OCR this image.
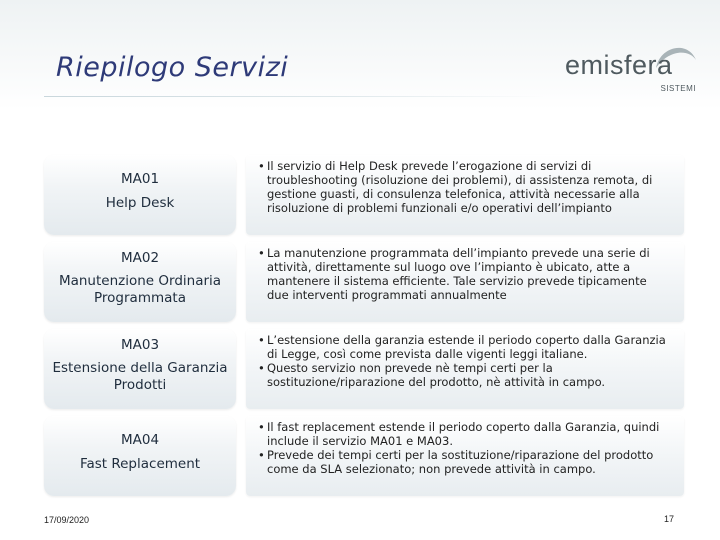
Riepilogo Servizi	emisfera
SISTEMI
MA01
Help Desk
• Il servizio di Help Desk prevede l’erogazione di servizi di troubleshooting (risoluzione dei problemi), di assistenza remota, di gestione guasti, di consulenza telefonica, attività necessarie alla risoluzione di problemi funzionali e/o operativi dell’impianto
MA02
Manutenzione Ordinaria Programmata
• La manutenzione programmata dell’impianto prevede una serie di attività, direttamente sul luogo ove l’impianto è ubicato, atte a mantenere il sistema efficiente. Tale servizio prevede tipicamente due interventi programmati annualmente
MA03
Estensione della Garanzia Prodotti
• L’estensione della garanzia estende il periodo coperto dalla Garanzia di Legge, così come prevista dalle vigenti leggi italiane.
• Questo servizio non prevede nè tempi certi per la sostituzione/riparazione del prodotto, nè attività in campo.
MA04
Fast Replacement
• Il fast replacement estende il periodo coperto dalla Garanzia, quindi include il servizio MA01 e MA03.
• Prevede dei tempi certi per la sostituzione/riparazione del prodotto come da SLA selezionato; non prevede attività in campo.
17/09/2020	17
